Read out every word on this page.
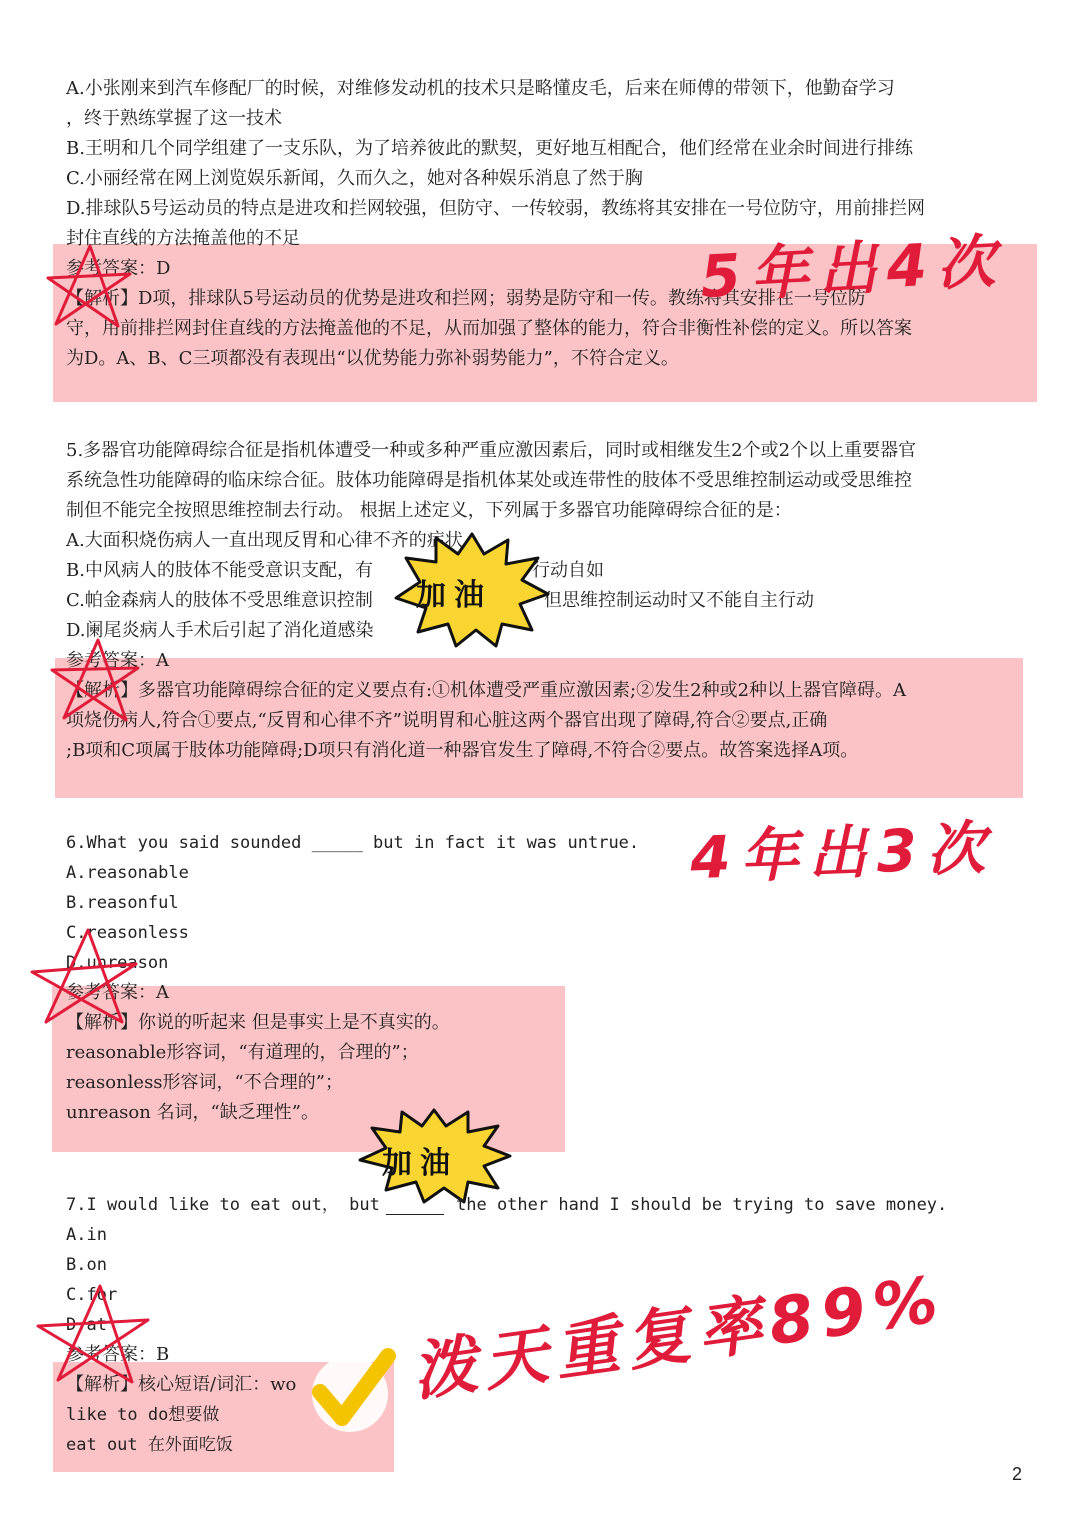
A.小张刚来到汽车修配厂的时候，对维修发动机的技术只是略懂皮毛，后来在师傅的带领下，他勤奋学习
，终于熟练掌握了这一技术
B.王明和几个同学组建了一支乐队，为了培养彼此的默契，更好地互相配合，他们经常在业余时间进行排练
C.小丽经常在网上浏览娱乐新闻，久而久之，她对各种娱乐消息了然于胸
D.排球队5号运动员的特点是进攻和拦网较强，但防守、一传较弱，教练将其安排在一号位防守，用前排拦网
封住直线的方法掩盖他的不足
参考答案：D
【解析】D项，排球队5号运动员的优势是进攻和拦网；弱势是防守和一传。教练将其安排在一号位防
守，用前排拦网封住直线的方法掩盖他的不足，从而加强了整体的能力，符合非衡性补偿的定义。所以答案
为D。A、B、C三项都没有表现出“以优势能力弥补弱势能力”，不符合定义。
5年出4次
5.多器官功能障碍综合征是指机体遭受一种或多种严重应激因素后，同时或相继发生2个或2个以上重要器官
系统急性功能障碍的临床综合征。肢体功能障碍是指机体某处或连带性的肢体不受思维控制运动或受思维控
制但不能完全按照思维控制去行动。 根据上述定义，下列属于多器官功能障碍综合征的是：
A.大面积烧伤病人一直出现反胃和心律不齐的症状
B.中风病人的肢体不能受意识支配，有	行动自如
C.帕金森病人的肢体不受思维意识控制	但思维控制运动时又不能自主行动
D.阑尾炎病人手术后引起了消化道感染
参考答案：A
【解析】多器官功能障碍综合征的定义要点有:①机体遭受严重应激因素;②发生2种或2种以上器官障碍。A
项烧伤病人,符合①要点,“反胃和心律不齐”说明胃和心脏这两个器官出现了障碍,符合②要点,正确
;B项和C项属于肢体功能障碍;D项只有消化道一种器官发生了障碍,不符合②要点。故答案选择A项。
加油
6.What you said sounded _____ but in fact it was untrue.
A.reasonable
B.reasonful
C.reasonless
D.unreason
参考答案：A
【解析】你说的听起来 但是事实上是不真实的。
reasonable形容词，“有道理的，合理的”；
reasonless形容词，“不合理的”；
unreason 名词，“缺乏理性”。
4年出3次
加油
7.I would like to eat out， but	the other hand I should be trying to save money.
A.in
B.on
C.for
D.at
参考答案：B
【解析】核心短语/词汇：wo
like to do想要做
eat out 在外面吃饭
泼天重复率89%
2
